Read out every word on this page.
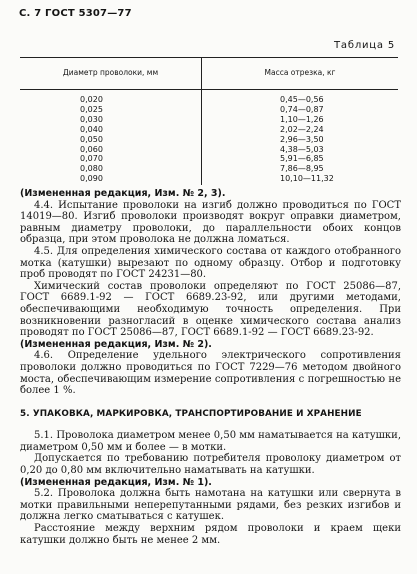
С. 7 ГОСТ 5307—77
Таблица 5
Диаметр проволоки, мм	Масса отрезка, кг
0,020
0,025
0,030
0,040
0,050
0,060
0,070
0,080
0,090
0,45—0,56
0,74—0,87
1,10—1,26
2,02—2,24
2,96—3,50
4,38—5,03
5,91—6,85
7,86—8,95
10,10—11,32

(Измененная редакция, Изм. № 2, 3).

4.4. Испытание проволоки на изгиб должно проводиться по ГОСТ 14019—80. Изгиб проволоки производят вокруг оправки диаметром, равным диаметру проволоки, до параллельности обоих концов образца, при этом проволока не должна ломаться.

4.5. Для определения химического состава от каждого отобранного мотка (катушки) вырезают по одному образцу. Отбор и подготовку проб проводят по ГОСТ 24231—80.

Химический состав проволоки определяют по ГОСТ 25086—87, ГОСТ 6689.1-92 — ГОСТ 6689.23-92, или другими методами, обеспечивающими необходимую точность определения. При возникновении разногласий в оценке химического состава анализ проводят по ГОСТ 25086—87, ГОСТ 6689.1-92 — ГОСТ 6689.23-92.

(Измененная редакция, Изм. № 2).

4.6. Определение удельного электрического сопротивления проволоки должно проводиться по ГОСТ 7229—76 методом двойного моста, обеспечивающим измерение сопротивления с погрешностью не более 1 %.

5. УПАКОВКА, МАРКИРОВКА, ТРАНСПОРТИРОВАНИЕ И ХРАНЕНИЕ

5.1. Проволока диаметром менее 0,50 мм наматывается на катушки, диаметром 0,50 мм и более — в мотки.

Допускается по требованию потребителя проволоку диаметром от 0,20 до 0,80 мм включительно наматывать на катушки.

(Измененная редакция, Изм. № 1).

5.2. Проволока должна быть намотана на катушки или свернута в мотки правильными неперепутанными рядами, без резких изгибов и должна легко сматываться с катушек.

Расстояние между верхним рядом проволоки и краем щеки катушки должно быть не менее 2 мм.
